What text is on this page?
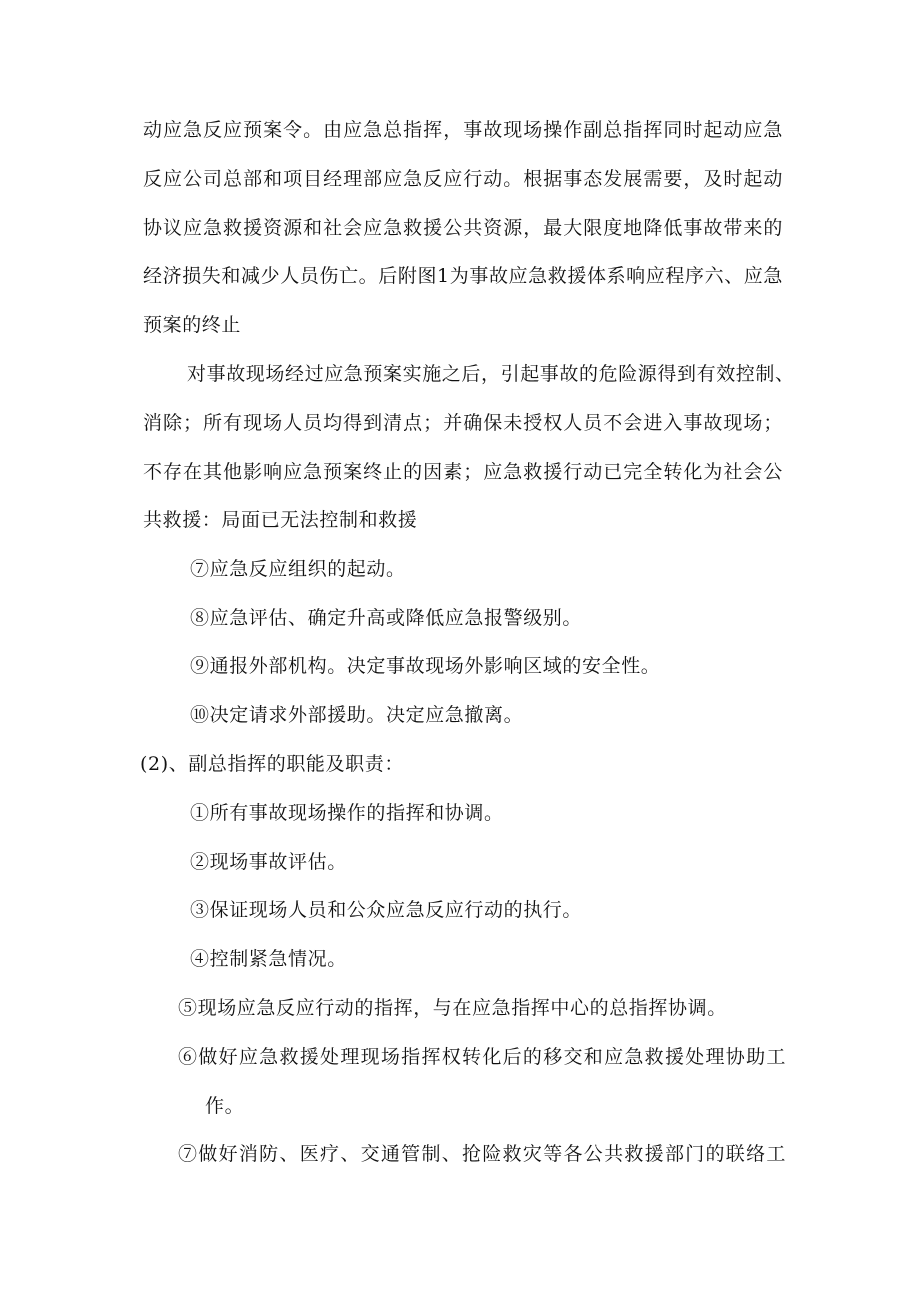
动应急反应预案令。由应急总指挥，事故现场操作副总指挥同时起动应急
反应公司总部和项目经理部应急反应行动。根据事态发展需要，及时起动
协议应急救援资源和社会应急救援公共资源，最大限度地降低事故带来的
经济损失和减少人员伤亡。后附图1为事故应急救援体系响应程序六、应急
预案的终止
对事故现场经过应急预案实施之后，引起事故的危险源得到有效控制、
消除；所有现场人员均得到清点；并确保未授权人员不会进入事故现场；
不存在其他影响应急预案终止的因素；应急救援行动已完全转化为社会公
共救援：局面已无法控制和救援
⑦应急反应组织的起动。
⑧应急评估、确定升高或降低应急报警级别。
⑨通报外部机构。决定事故现场外影响区域的安全性。
⑩决定请求外部援助。决定应急撤离。
(2)、副总指挥的职能及职责：
①所有事故现场操作的指挥和协调。
②现场事故评估。
③保证现场人员和公众应急反应行动的执行。
④控制紧急情况。
⑤现场应急反应行动的指挥，与在应急指挥中心的总指挥协调。
⑥做好应急救援处理现场指挥权转化后的移交和应急救援处理协助工
作。
⑦做好消防、医疗、交通管制、抢险救灾等各公共救援部门的联络工
